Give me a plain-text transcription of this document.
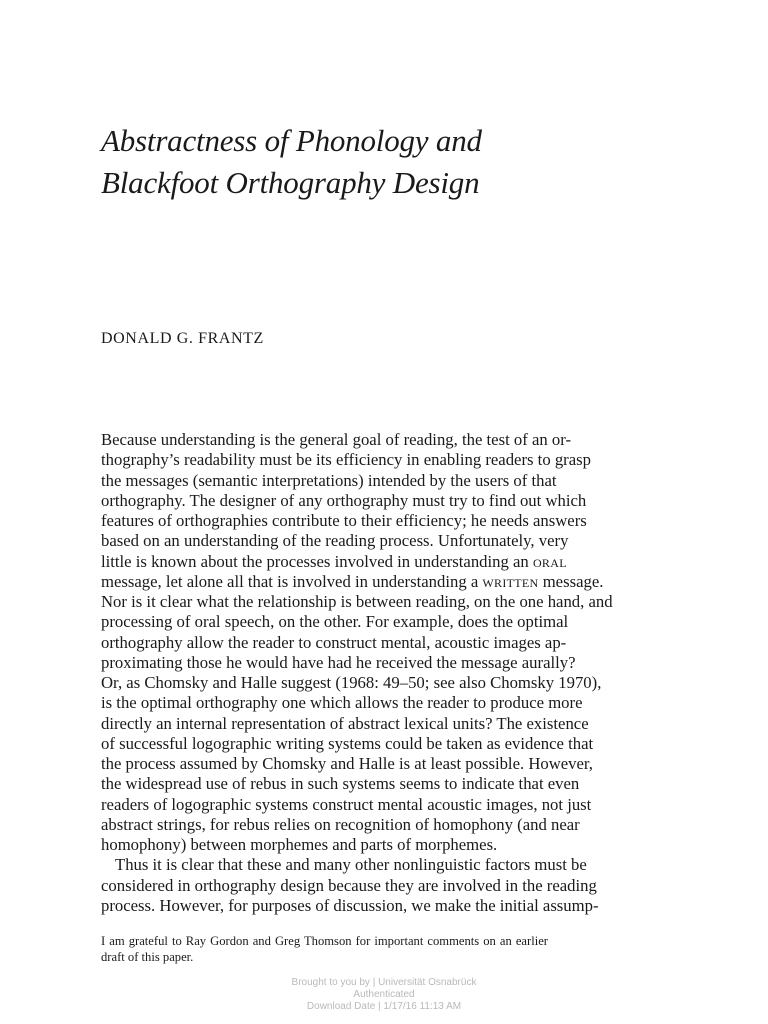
Abstractness of Phonology and
Blackfoot Orthography Design
DONALD G. FRANTZ
Because understanding is the general goal of reading, the test of an or-
thography’s readability must be its efficiency in enabling readers to grasp
the messages (semantic interpretations) intended by the users of that
orthography. The designer of any orthography must try to find out which
features of orthographies contribute to their efficiency; he needs answers
based on an understanding of the reading process. Unfortunately, very
little is known about the processes involved in understanding an oral
message, let alone all that is involved in understanding a written message.
Nor is it clear what the relationship is between reading, on the one hand, and
processing of oral speech, on the other. For example, does the optimal
orthography allow the reader to construct mental, acoustic images ap-
proximating those he would have had he received the message aurally?
Or, as Chomsky and Halle suggest (1968: 49–50; see also Chomsky 1970),
is the optimal orthography one which allows the reader to produce more
directly an internal representation of abstract lexical units? The existence
of successful logographic writing systems could be taken as evidence that
the process assumed by Chomsky and Halle is at least possible. However,
the widespread use of rebus in such systems seems to indicate that even
readers of logographic systems construct mental acoustic images, not just
abstract strings, for rebus relies on recognition of homophony (and near
homophony) between morphemes and parts of morphemes.
Thus it is clear that these and many other nonlinguistic factors must be
considered in orthography design because they are involved in the reading
process. However, for purposes of discussion, we make the initial assump-
I am grateful to Ray Gordon and Greg Thomson for important comments on an earlier
draft of this paper.
Brought to you by | Universität Osnabrück
Authenticated
Download Date | 1/17/16 11:13 AM
